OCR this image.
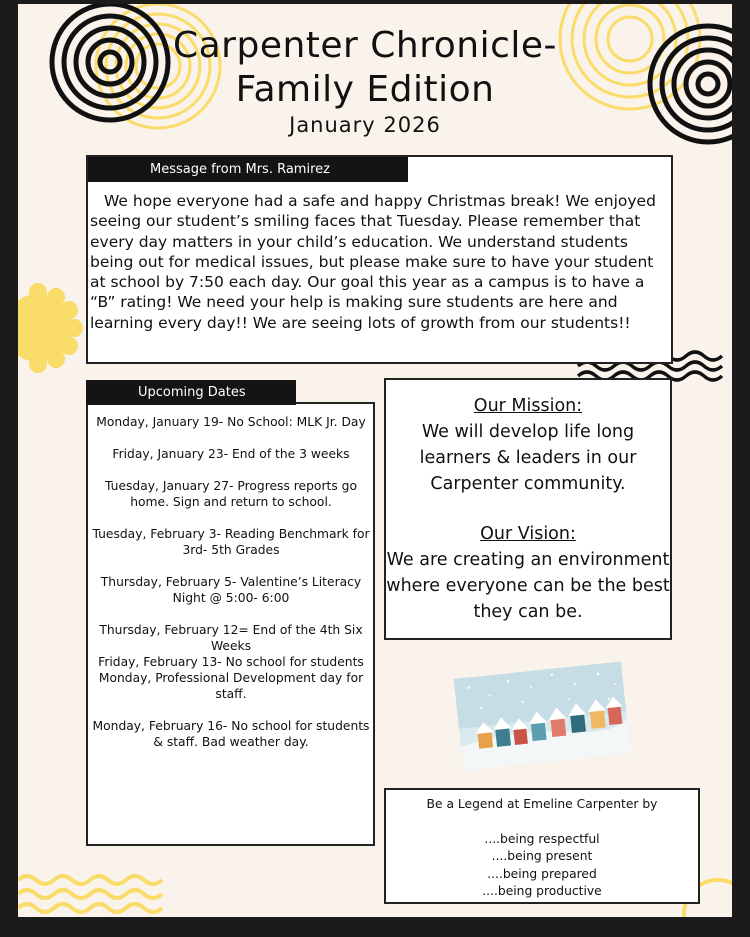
Carpenter Chronicle-
Family Edition
January 2026
Message from Mrs. Ramirez
We hope everyone had a safe and happy Christmas break! We enjoyed seeing our student’s smiling faces that Tuesday. Please remember that every day matters in your child’s education. We understand students being out for medical issues, but please make sure to have your student at school by 7:50 each day. Our goal this year as a campus is to have a “B” rating! We need your help is making sure students are here and learning every day!! We are seeing lots of growth from our students!!
Upcoming Dates

Monday, January 19- No School: MLK Jr. Day

Friday, January 23- End of the 3 weeks

Tuesday, January 27- Progress reports go home. Sign and return to school.

Tuesday, February 3- Reading Benchmark for 3rd- 5th Grades

Thursday, February 5- Valentine’s Literacy Night @ 5:00- 6:00

Thursday, February 12= End of the 4th Six Weeks

Friday, February 13- No school for students Monday, Professional Development day for staff.

Monday, February 16- No school for students & staff. Bad weather day.

Our Mission:
We will develop life long learners & leaders in our Carpenter community.
Our Vision:
We are creating an environment where everyone can be the best they can be.

Be a Legend at Emeline Carpenter by

....being respectful

....being present

....being prepared

....being productive
